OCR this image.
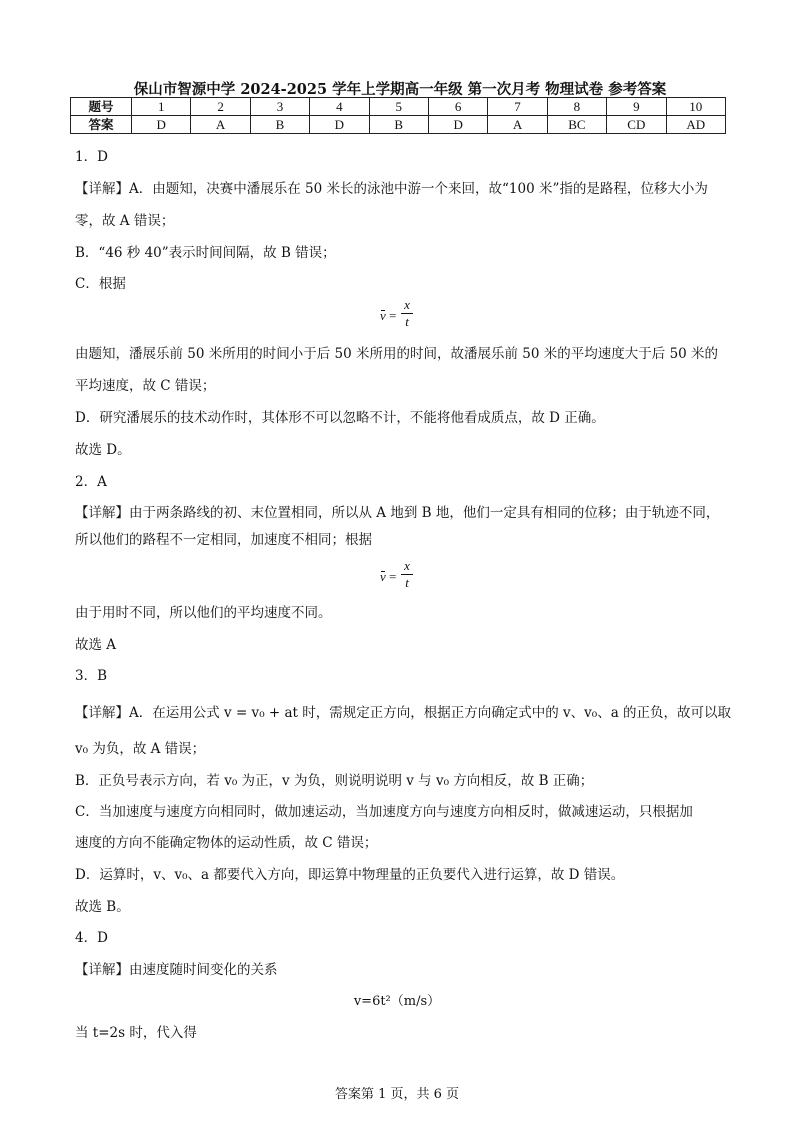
保山市智源中学 2024-2025 学年上学期高一年级 第一次月考 物理试卷 参考答案
题号	1	2	3	4	5	6	7	8	9	10
答案	D	A	B	D	B	D	A	BC	CD	AD
1．D
【详解】A．由题知，决赛中潘展乐在 50 米长的泳池中游一个来回，故“100 米”指的是路程，位移大小为
零，故 A 错误；
B．“46 秒 40”表示时间间隔，故 B 错误；
C．根据
v =
x
t
由题知，潘展乐前 50 米所用的时间小于后 50 米所用的时间，故潘展乐前 50 米的平均速度大于后 50 米的
平均速度，故 C 错误；
D．研究潘展乐的技术动作时，其体形不可以忽略不计，不能将他看成质点，故 D 正确。
故选 D。
2．A
【详解】由于两条路线的初、末位置相同，所以从 A 地到 B 地，他们一定具有相同的位移；由于轨迹不同，
所以他们的路程不一定相同，加速度不相同；根据
v =
x
t
由于用时不同，所以他们的平均速度不同。
故选 A
3．B
【详解】A．在运用公式 v = v₀ + at 时，需规定正方向，根据正方向确定式中的 v、v₀、a 的正负，故可以取
v₀ 为负，故 A 错误；
B．正负号表示方向，若 v₀ 为正，v 为负，则说明说明 v 与 v₀ 方向相反，故 B 正确；
C．当加速度与速度方向相同时，做加速运动，当加速度方向与速度方向相反时，做减速运动，只根据加
速度的方向不能确定物体的运动性质，故 C 错误；
D．运算时，v、v₀、a 都要代入方向，即运算中物理量的正负要代入进行运算，故 D 错误。
故选 B。
4．D
【详解】由速度随时间变化的关系
v=6t²（m/s）
当 t=2s 时，代入得
答案第 1 页，共 6 页
